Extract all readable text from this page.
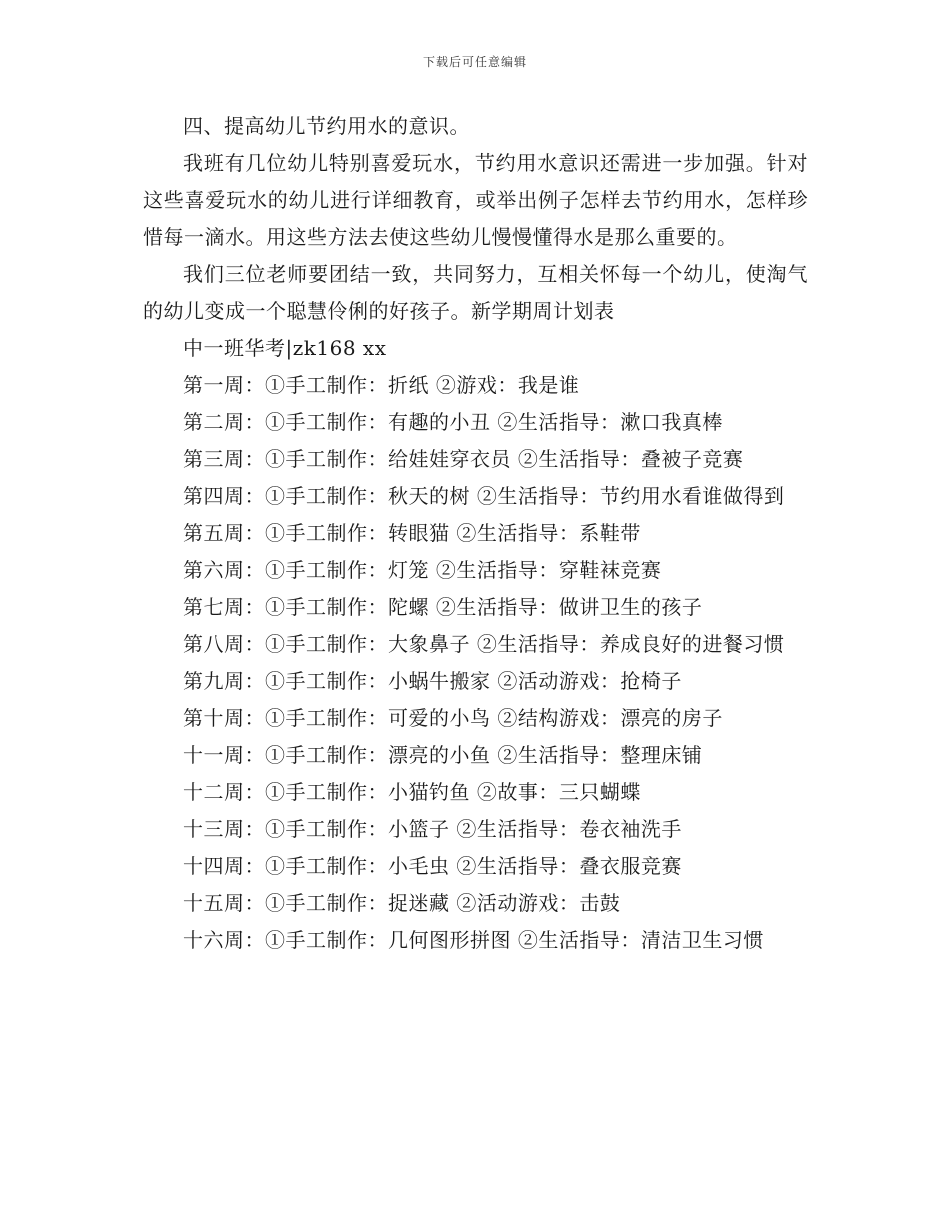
下载后可任意编辑

四、提高幼儿节约用水的意识。

我班有几位幼儿特别喜爱玩水，节约用水意识还需进一步加强。针对这些喜爱玩水的幼儿进行详细教育，或举出例子怎样去节约用水，怎样珍惜每一滴水。用这些方法去使这些幼儿慢慢懂得水是那么重要的。

我们三位老师要团结一致，共同努力，互相关怀每一个幼儿，使淘气的幼儿变成一个聪慧伶俐的好孩子。新学期周计划表

中一班华考|zk168 xx

第一周：①手工制作：折纸 ②游戏：我是谁

第二周：①手工制作：有趣的小丑 ②生活指导：漱口我真棒

第三周：①手工制作：给娃娃穿衣员 ②生活指导：叠被子竞赛

第四周：①手工制作：秋天的树 ②生活指导：节约用水看谁做得到

第五周：①手工制作：转眼猫 ②生活指导：系鞋带

第六周：①手工制作：灯笼 ②生活指导：穿鞋袜竞赛

第七周：①手工制作：陀螺 ②生活指导：做讲卫生的孩子

第八周：①手工制作：大象鼻子 ②生活指导：养成良好的进餐习惯

第九周：①手工制作：小蜗牛搬家 ②活动游戏：抢椅子

第十周：①手工制作：可爱的小鸟 ②结构游戏：漂亮的房子

十一周：①手工制作：漂亮的小鱼 ②生活指导：整理床铺

十二周：①手工制作：小猫钓鱼 ②故事：三只蝴蝶

十三周：①手工制作：小篮子 ②生活指导：卷衣袖洗手

十四周：①手工制作：小毛虫 ②生活指导：叠衣服竞赛

十五周：①手工制作：捉迷藏 ②活动游戏：击鼓

十六周：①手工制作：几何图形拼图 ②生活指导：清洁卫生习惯
